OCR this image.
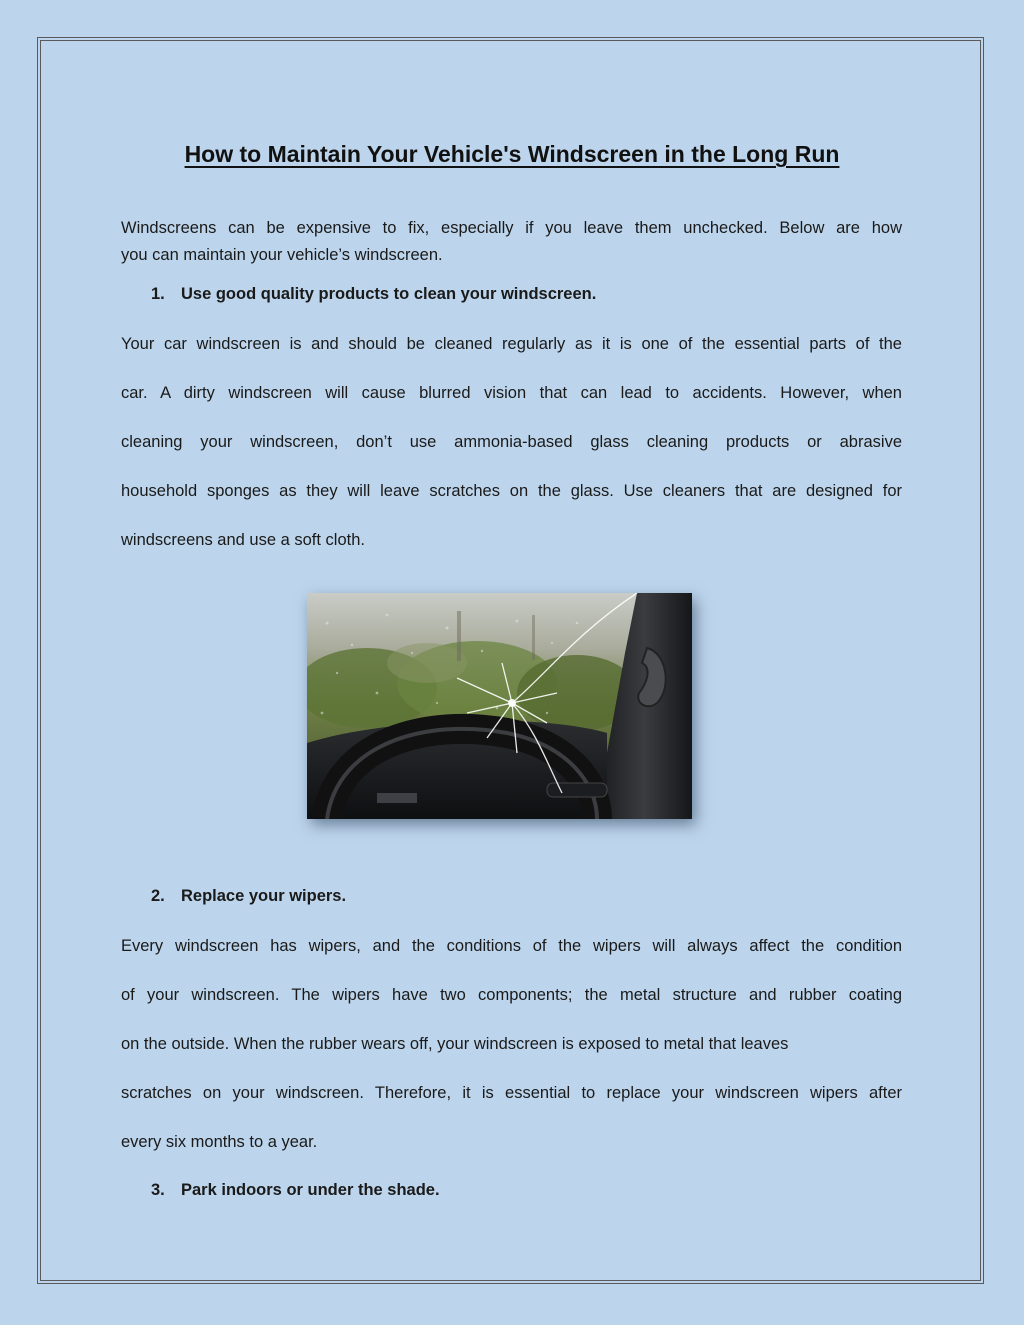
How to Maintain Your Vehicle's Windscreen in the Long Run
Windscreens can be expensive to fix, especially if you leave them unchecked. Below are how
you can maintain your vehicle’s windscreen.
1. Use good quality products to clean your windscreen.
Your car windscreen is and should be cleaned regularly as it is one of the essential parts of the
car. A dirty windscreen will cause blurred vision that can lead to accidents. However, when
cleaning your windscreen, don’t use ammonia-based glass cleaning products or abrasive
household sponges as they will leave scratches on the glass. Use cleaners that are designed for
windscreens and use a soft cloth.
2. Replace your wipers.
Every windscreen has wipers, and the conditions of the wipers will always affect the condition
of your windscreen. The wipers have two components; the metal structure and rubber coating
on the outside. When the rubber wears off, your windscreen is exposed to metal that leaves
scratches on your windscreen. Therefore, it is essential to replace your windscreen wipers after
every six months to a year.
3. Park indoors or under the shade.
